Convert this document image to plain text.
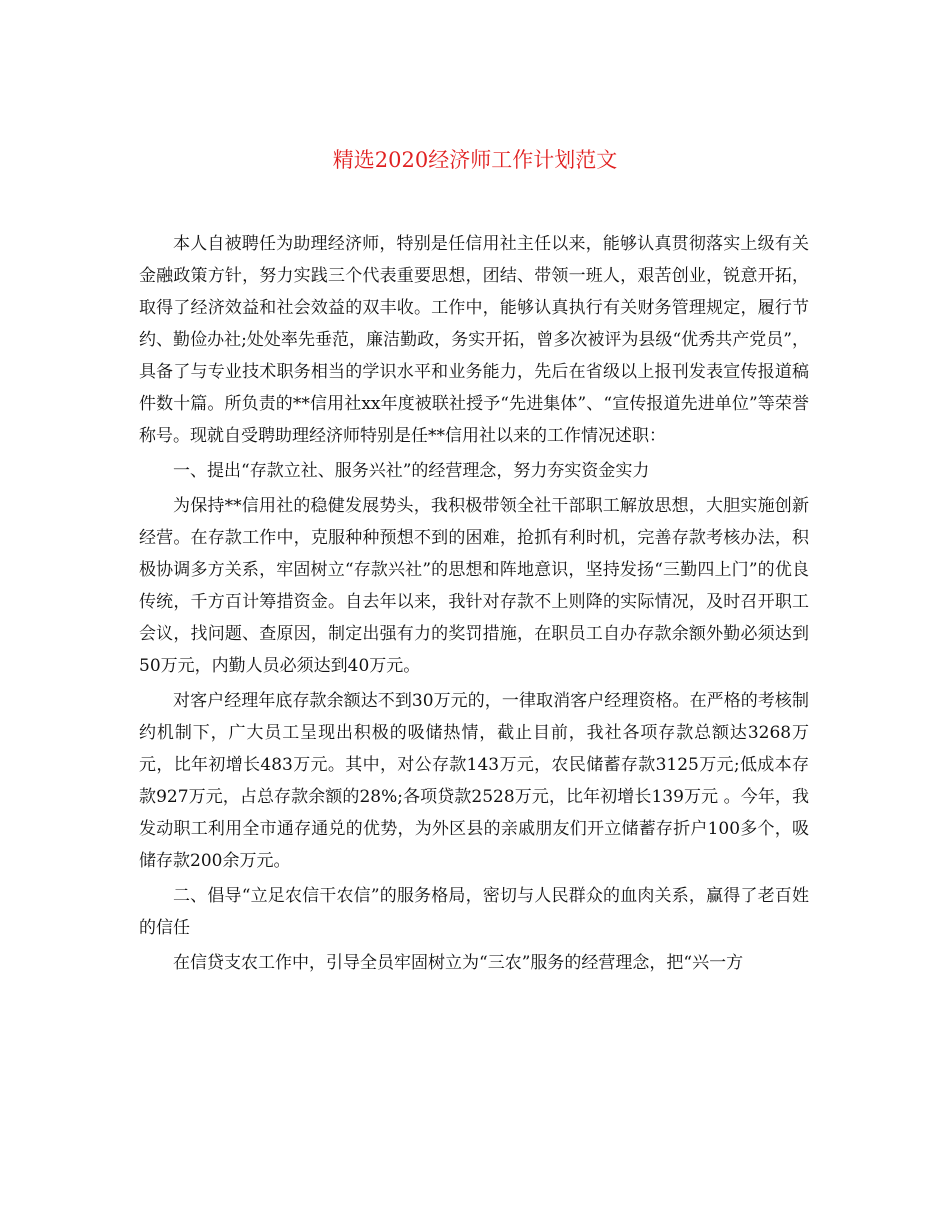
精选2020经济师工作计划范文

本人自被聘任为助理经济师，特别是任信用社主任以来，能够认真贯彻落实上级有关金融政策方针，努力实践三个代表重要思想，团结、带领一班人，艰苦创业，锐意开拓，取得了经济效益和社会效益的双丰收。工作中，能够认真执行有关财务管理规定，履行节约、勤俭办社;处处率先垂范，廉洁勤政，务实开拓，曾多次被评为县级“优秀共产党员”，具备了与专业技术职务相当的学识水平和业务能力，先后在省级以上报刊发表宣传报道稿件数十篇。所负责的**信用社xx年度被联社授予“先进集体”、“宣传报道先进单位”等荣誉称号。现就自受聘助理经济师特别是任**信用社以来的工作情况述职：

一、提出“存款立社、服务兴社”的经营理念，努力夯实资金实力

为保持**信用社的稳健发展势头，我积极带领全社干部职工解放思想，大胆实施创新经营。在存款工作中，克服种种预想不到的困难，抢抓有利时机，完善存款考核办法，积极协调多方关系，牢固树立“存款兴社”的思想和阵地意识，坚持发扬“三勤四上门”的优良传统，千方百计筹措资金。自去年以来，我针对存款不上则降的实际情况，及时召开职工会议，找问题、查原因，制定出强有力的奖罚措施，在职员工自办存款余额外勤必须达到50万元，内勤人员必须达到40万元。

对客户经理年底存款余额达不到30万元的，一律取消客户经理资格。在严格的考核制约机制下，广大员工呈现出积极的吸储热情，截止目前，我社各项存款总额达3268万元，比年初增长483万元。其中，对公存款143万元，农民储蓄存款3125万元;低成本存款927万元，占总存款余额的28%;各项贷款2528万元，比年初增长139万元 。今年，我发动职工利用全市通存通兑的优势，为外区县的亲戚朋友们开立储蓄存折户100多个，吸储存款200余万元。

二、倡导“立足农信干农信”的服务格局，密切与人民群众的血肉关系，赢得了老百姓的信任

在信贷支农工作中，引导全员牢固树立为“三农”服务的经营理念，把“兴一方
